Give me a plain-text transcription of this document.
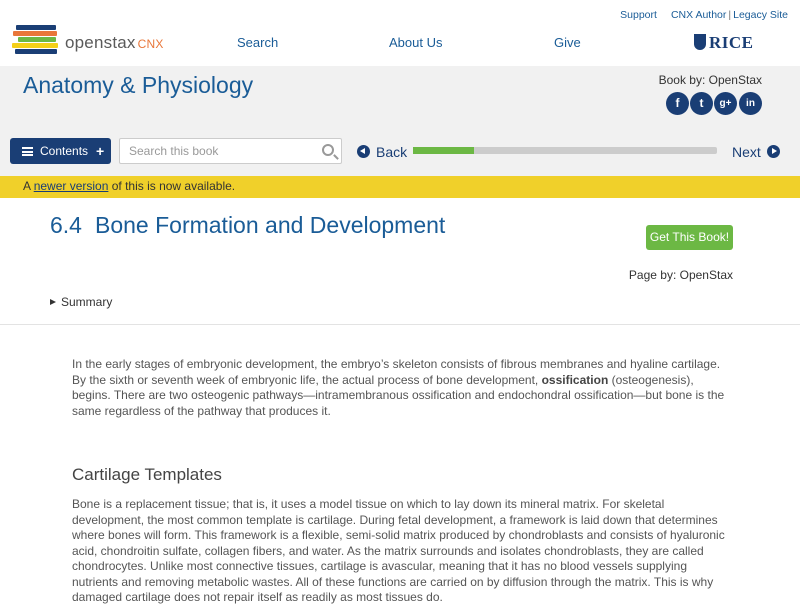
openstax CNX
Support CNX Author | Legacy Site
Search	About Us	Give	RICE
Anatomy & Physiology	Book by: OpenStax
f	t	g+	in
Contents +
Search this book	Back	Next
A newer version of this is now available.
6.4 Bone Formation and Development	Get This Book!
Page by: OpenStax
Summary

In the early stages of embryonic development, the embryo’s skeleton consists of fibrous membranes and hyaline cartilage. By the sixth or seventh week of embryonic life, the actual process of bone development, ossification (osteogenesis), begins. There are two osteogenic pathways—intramembranous ossification and endochondral ossification—but bone is the same regardless of the pathway that produces it.

Cartilage Templates

Bone is a replacement tissue; that is, it uses a model tissue on which to lay down its mineral matrix. For skeletal development, the most common template is cartilage. During fetal development, a framework is laid down that determines where bones will form. This framework is a flexible, semi-solid matrix produced by chondroblasts and consists of hyaluronic acid, chondroitin sulfate, collagen fibers, and water. As the matrix surrounds and isolates chondroblasts, they are called chondrocytes. Unlike most connective tissues, cartilage is avascular, meaning that it has no blood vessels supplying nutrients and removing metabolic wastes. All of these functions are carried on by diffusion through the matrix. This is why damaged cartilage does not repair itself as readily as most tissues do.
